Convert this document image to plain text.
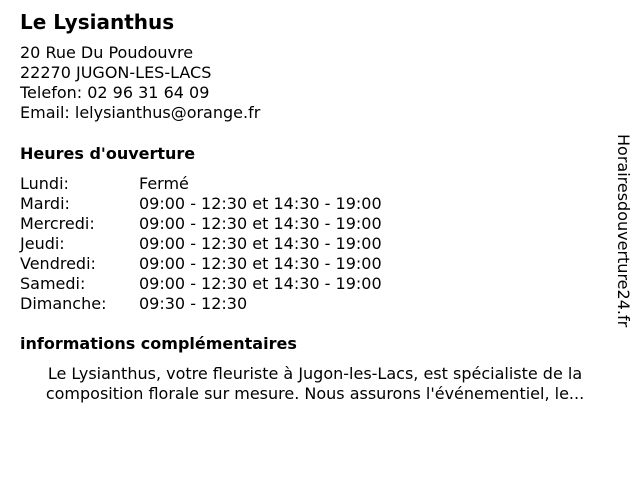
Le Lysianthus
20 Rue Du Poudouvre
22270 JUGON-LES-LACS
Telefon: 02 96 31 64 09
Email: lelysianthus@orange.fr
Heures d'ouverture
Lundi:	Fermé
Mardi:	09:00 - 12:30 et 14:30 - 19:00
Mercredi:	09:00 - 12:30 et 14:30 - 19:00
Jeudi:	09:00 - 12:30 et 14:30 - 19:00
Vendredi:	09:00 - 12:30 et 14:30 - 19:00
Samedi:	09:00 - 12:30 et 14:30 - 19:00
Dimanche:	09:30 - 12:30
informations complémentaires
Le Lysianthus, votre fleuriste à Jugon-les-Lacs, est spécialiste de la
composition florale sur mesure. Nous assurons l'événementiel, le...
Horairesdouverture24.fr
